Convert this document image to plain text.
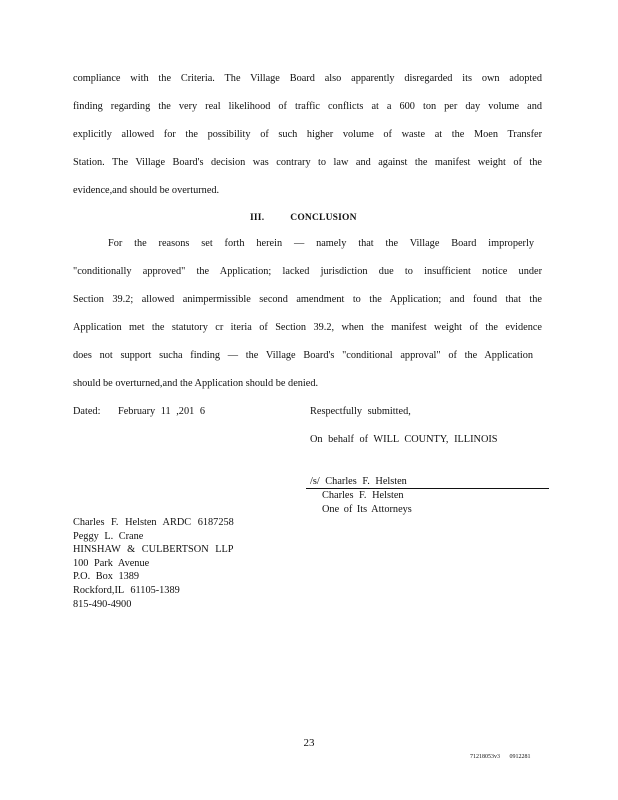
compliance with the Criteria. The Village Board also apparently disregarded its own adopted
finding regarding the very real likelihood of traffic conflicts at a 600 ton per day volume and
explicitly allowed for the possibility of such higher volume of waste at the Moen Transfer
Station. The Village Board's decision was contrary to law and against the manifest weight of the
evidence,and should be overturned.
III.	CONCLUSION
For the reasons set forth herein — namely that the Village Board improperly
"conditionally approved" the Application; lacked jurisdiction due to insufficient notice under
Section 39.2; allowed animpermissible second amendment to the Application; and found that the
Application met the statutory cr iteria of Section 39.2, when the manifest weight of the evidence
does not support sucha finding — the Village Board's "conditional approval" of the Application
should be overturned,and the Application should be denied.
Dated: February 11 ,201 6	Respectfully submitted,
On behalf of WILL COUNTY, ILLINOIS
/s/ Charles F. Helsten
Charles F. Helsten
One of Its Attorneys
Charles F. Helsten ARDC 6187258
Peggy L. Crane
HINSHAW & CULBERTSON LLP
100 Park Avenue
P.O. Box 1389
Rockford,IL 61105-1389
815-490-4900
23
71218053v3 0912281
